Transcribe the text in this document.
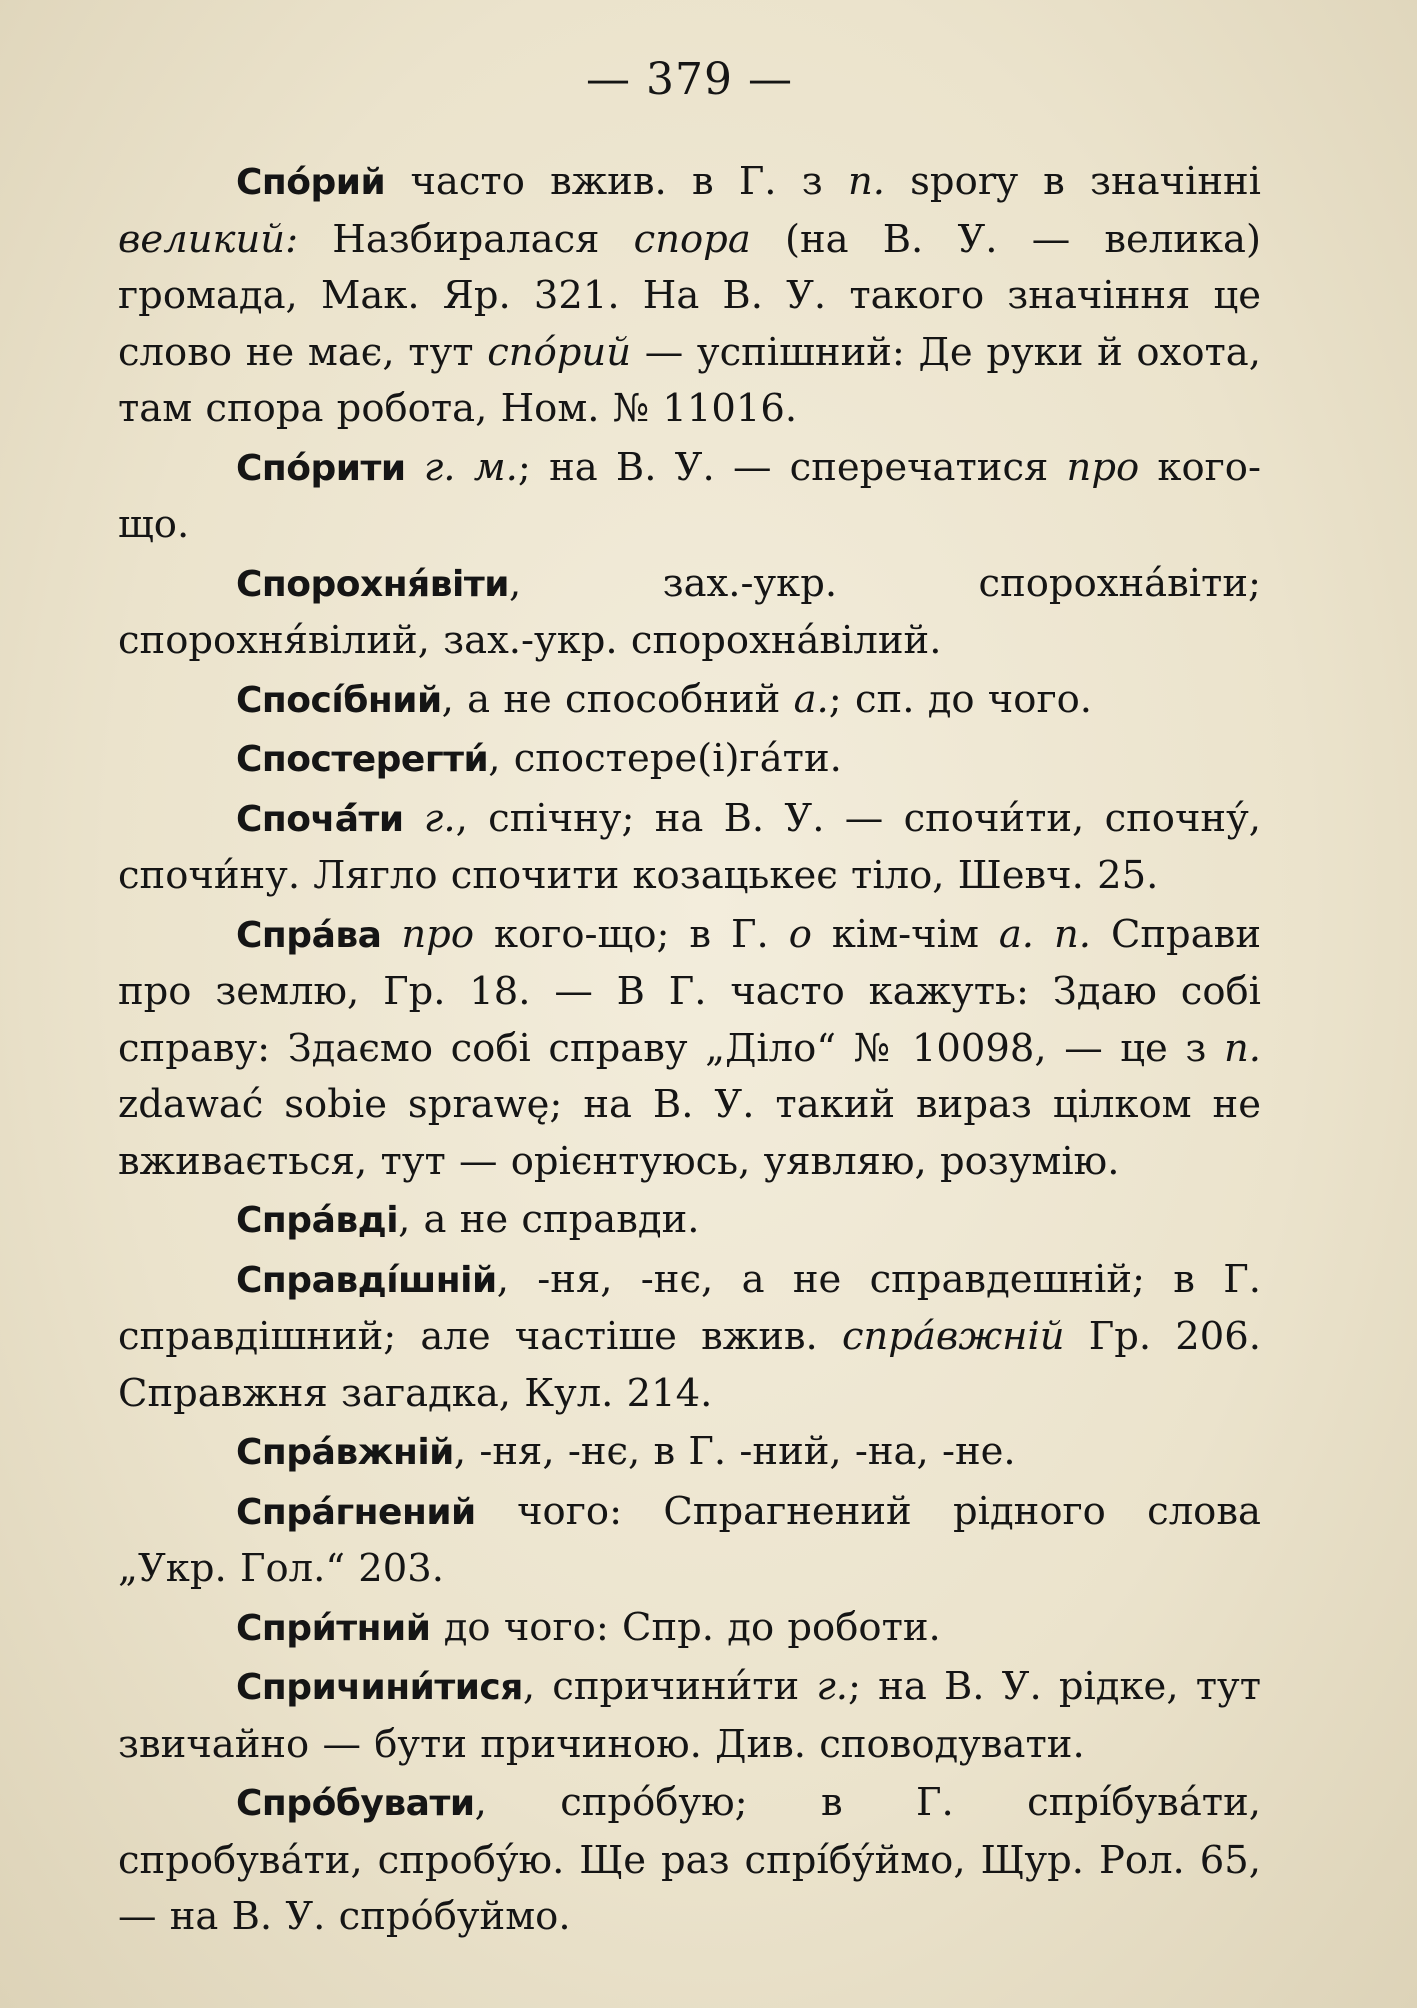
— 379 —

Спо́рий часто вжив. в Г. з п. spory в значінні великий: Назбиралася спора (на В. У. — велика) громада, Мак. Яр. 321. На В. У. такого значіння це слово не має, тут спо́рий — успішний: Де руки й охота, там спора робота, Ном. № 11016.

Спо́рити г. м.; на В. У. — сперечатися про кого-що.

Спорохня́віти, зах.-укр. спорохна́віти; спорохня́вілий, зах.-укр. спорохна́вілий.

Спосі́бний, а не способний а.; сп. до чого.

Спостерегти́, спостере(і)га́ти.

Спочá́ти г., спічну; на В. У. — спочи́ти, спочну́, спочи́ну. Лягло спочити козацькеє тіло, Шевч. 25.

Спра́ва про кого-що; в Г. о кім-чім а. п. Справи про землю, Гр. 18. — В Г. часто кажуть: Здаю собі справу: Здаємо собі справу „Діло“ № 10098, — це з п. zdawać sobie sprawę; на В. У. такий вираз цілком не вживається, тут — орієнтуюсь, уявляю, розумію.

Спра́вді, а не справди.

Справді́шній, -ня, -нє, а не справдешній; в Г. справдішний; але частіше вжив. спра́вжній Гр. 206. Справжня загадка, Кул. 214.

Спра́вжній, -ня, -нє, в Г. -ний, -на, -не.

Спра́гнений чого: Спрагнений рідного слова „Укр. Гол.“ 203.

Спри́тний до чого: Спр. до роботи.

Спричини́тися, спричини́ти г.; на В. У. рідке, тут звичайно — бути причиною. Див. споводувати.

Спро́бувати, спро́бую; в Г. спрі́бува́ти, спробува́ти, спробу́ю. Ще раз спрі́бу́ймо, Щур. Рол. 65, — на В. У. спро́буймо.
